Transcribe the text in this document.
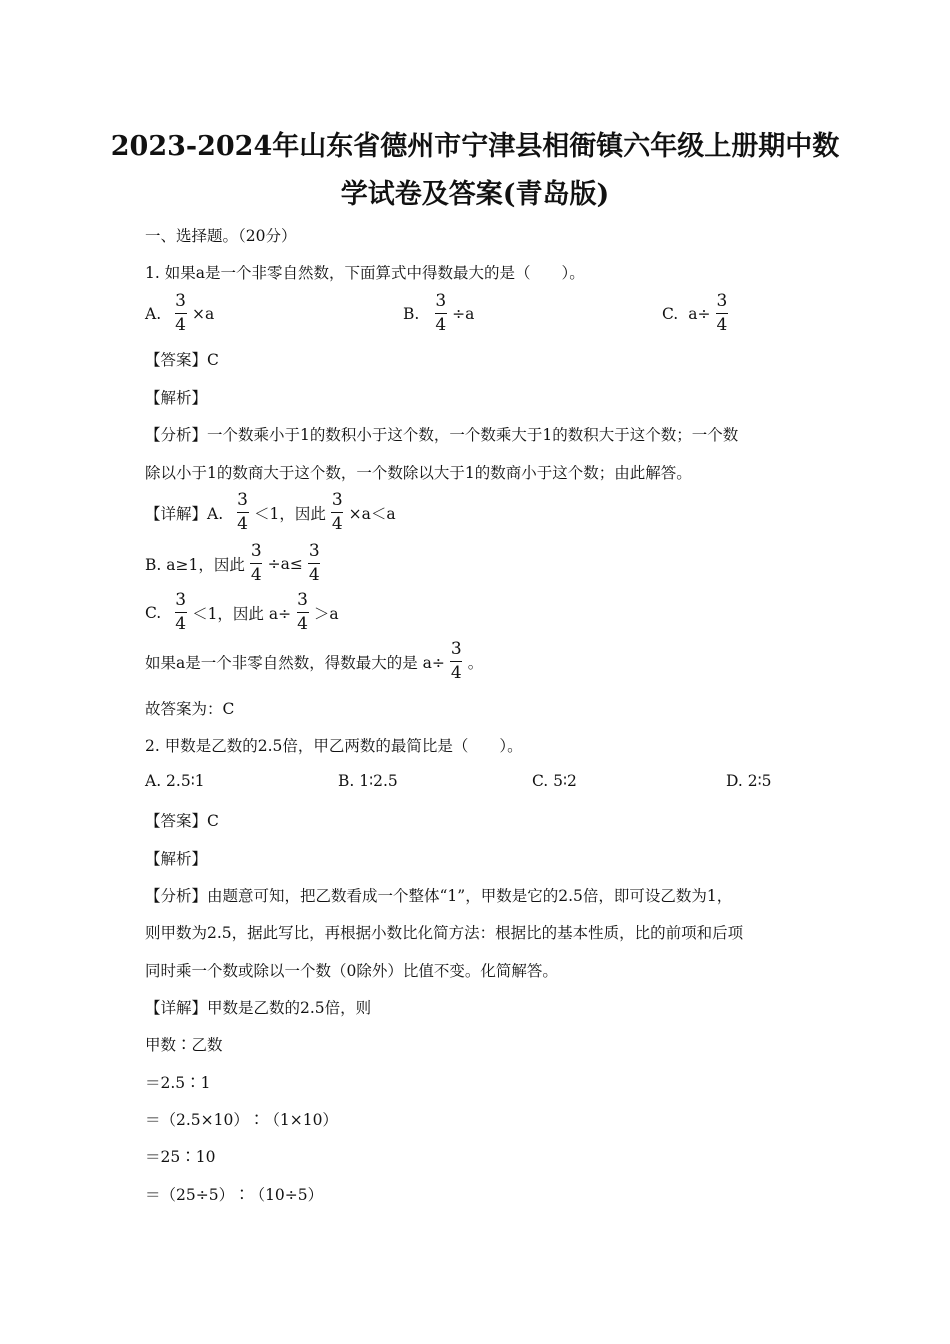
2023-2024年山东省德州市宁津县相衙镇六年级上册期中数
学试卷及答案(青岛版)
一、选择题。（20分）
1. 如果a是一个非零自然数，下面算式中得数最大的是（　　）。
A. $\frac{3}{4} \times a$	B. $\frac{3}{4} \div a$	C. $a\div \frac{3}{4}$
【答案】C
【解析】
【分析】一个数乘小于1的数积小于这个数，一个数乘大于1的数积大于这个数；一个数
除以小于1的数商大于这个数，一个数除以大于1的数商小于这个数；由此解答。
【详解】A. $\frac{3}{4} <1$，因此 $\frac{3}{4} \times a<a$
B. a≥1，因此 $\frac{3}{4} \div a\le \frac{3}{4}$
C. $\frac{3}{4} <1$，因此 $a\div \frac{3}{4} >a$
如果a是一个非零自然数，得数最大的是 $a\div \frac{3}{4}$ 。
故答案为：C
2. 甲数是乙数的2.5倍，甲乙两数的最简比是（　　）。
A. 2.5∶1	B. 1∶2.5	C. 5∶2	D. 2∶5
【答案】C
【解析】
【分析】由题意可知，把乙数看成一个整体“1”，甲数是它的2.5倍，即可设乙数为1，
则甲数为2.5，据此写比，再根据小数比化简方法：根据比的基本性质，比的前项和后项
同时乘一个数或除以一个数（0除外）比值不变。化简解答。
【详解】甲数是乙数的2.5倍，则
甲数∶乙数
＝2.5∶1
＝（2.5×10）∶（1×10）
＝25∶10
＝（25÷5）∶（10÷5）
